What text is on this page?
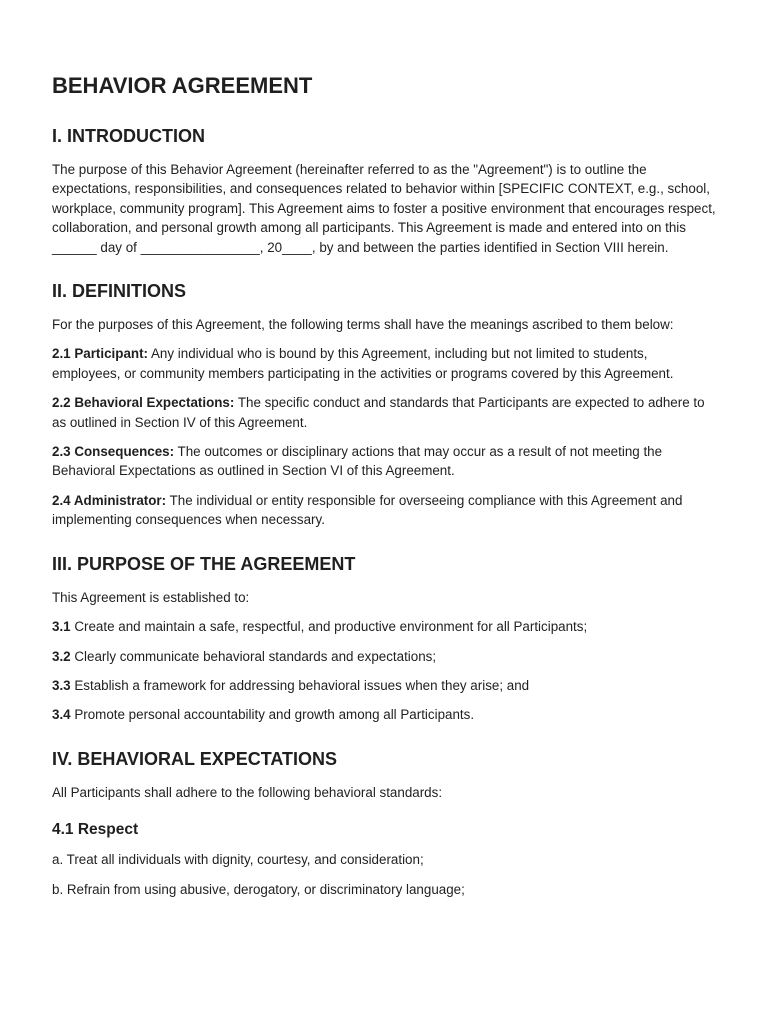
BEHAVIOR AGREEMENT
I. INTRODUCTION

The purpose of this Behavior Agreement (hereinafter referred to as the "Agreement") is to outline the expectations, responsibilities, and consequences related to behavior within [SPECIFIC CONTEXT, e.g., school, workplace, community program]. This Agreement aims to foster a positive environment that encourages respect, collaboration, and personal growth among all participants. This Agreement is made and entered into on this ______ day of ________________, 20____, by and between the parties identified in Section VIII herein.

II. DEFINITIONS

For the purposes of this Agreement, the following terms shall have the meanings ascribed to them below:

2.1 Participant: Any individual who is bound by this Agreement, including but not limited to students, employees, or community members participating in the activities or programs covered by this Agreement.

2.2 Behavioral Expectations: The specific conduct and standards that Participants are expected to adhere to as outlined in Section IV of this Agreement.

2.3 Consequences: The outcomes or disciplinary actions that may occur as a result of not meeting the Behavioral Expectations as outlined in Section VI of this Agreement.

2.4 Administrator: The individual or entity responsible for overseeing compliance with this Agreement and implementing consequences when necessary.

III. PURPOSE OF THE AGREEMENT

This Agreement is established to:

3.1 Create and maintain a safe, respectful, and productive environment for all Participants;

3.2 Clearly communicate behavioral standards and expectations;

3.3 Establish a framework for addressing behavioral issues when they arise; and

3.4 Promote personal accountability and growth among all Participants.

IV. BEHAVIORAL EXPECTATIONS

All Participants shall adhere to the following behavioral standards:

4.1 Respect

a. Treat all individuals with dignity, courtesy, and consideration;

b. Refrain from using abusive, derogatory, or discriminatory language;
